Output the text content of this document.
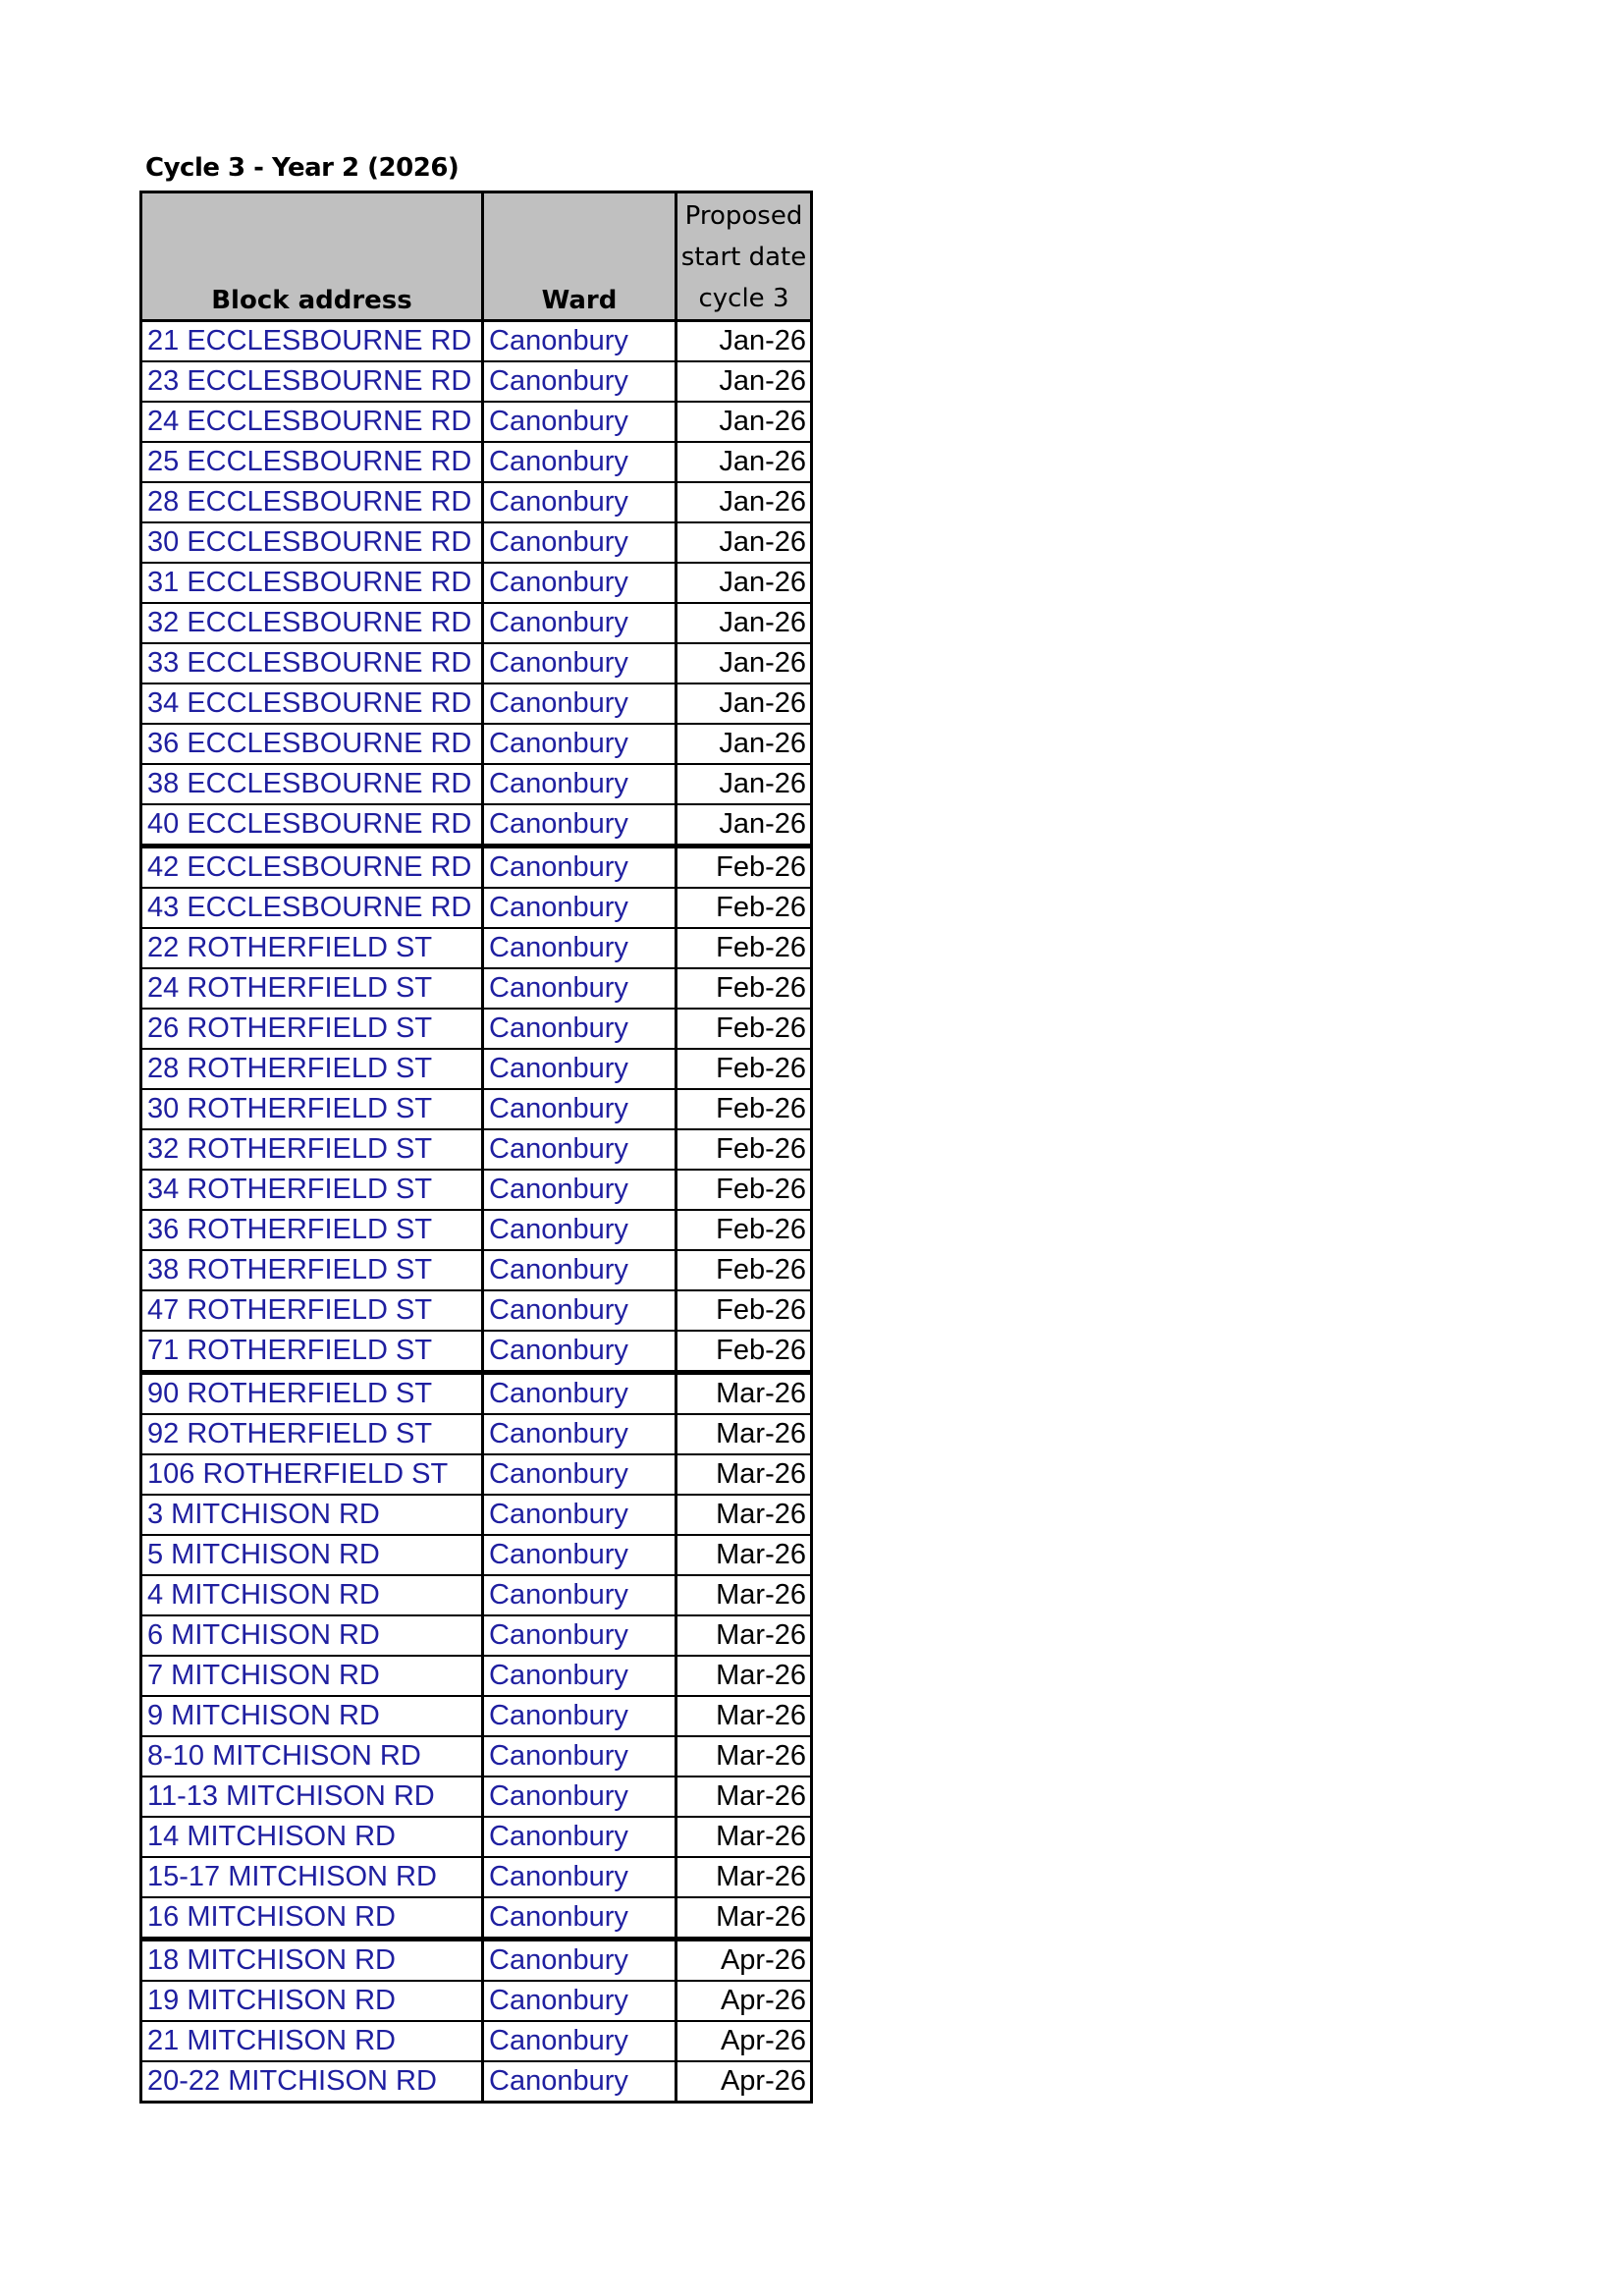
Cycle 3 - Year 2 (2026)
Block address	Ward	Proposed
start date
cycle 3

21 ECCLESBOURNE RD	Canonbury	Jan-26
23 ECCLESBOURNE RD	Canonbury	Jan-26
24 ECCLESBOURNE RD	Canonbury	Jan-26
25 ECCLESBOURNE RD	Canonbury	Jan-26
28 ECCLESBOURNE RD	Canonbury	Jan-26
30 ECCLESBOURNE RD	Canonbury	Jan-26
31 ECCLESBOURNE RD	Canonbury	Jan-26
32 ECCLESBOURNE RD	Canonbury	Jan-26
33 ECCLESBOURNE RD	Canonbury	Jan-26
34 ECCLESBOURNE RD	Canonbury	Jan-26
36 ECCLESBOURNE RD	Canonbury	Jan-26
38 ECCLESBOURNE RD	Canonbury	Jan-26
40 ECCLESBOURNE RD	Canonbury	Jan-26
42 ECCLESBOURNE RD	Canonbury	Feb-26
43 ECCLESBOURNE RD	Canonbury	Feb-26
22 ROTHERFIELD ST	Canonbury	Feb-26
24 ROTHERFIELD ST	Canonbury	Feb-26
26 ROTHERFIELD ST	Canonbury	Feb-26
28 ROTHERFIELD ST	Canonbury	Feb-26
30 ROTHERFIELD ST	Canonbury	Feb-26
32 ROTHERFIELD ST	Canonbury	Feb-26
34 ROTHERFIELD ST	Canonbury	Feb-26
36 ROTHERFIELD ST	Canonbury	Feb-26
38 ROTHERFIELD ST	Canonbury	Feb-26
47 ROTHERFIELD ST	Canonbury	Feb-26
71 ROTHERFIELD ST	Canonbury	Feb-26
90 ROTHERFIELD ST	Canonbury	Mar-26
92 ROTHERFIELD ST	Canonbury	Mar-26
106 ROTHERFIELD ST	Canonbury	Mar-26
3 MITCHISON RD	Canonbury	Mar-26
5 MITCHISON RD	Canonbury	Mar-26
4 MITCHISON RD	Canonbury	Mar-26
6 MITCHISON RD	Canonbury	Mar-26
7 MITCHISON RD	Canonbury	Mar-26
9 MITCHISON RD	Canonbury	Mar-26
8-10 MITCHISON RD	Canonbury	Mar-26
11-13 MITCHISON RD	Canonbury	Mar-26
14 MITCHISON RD	Canonbury	Mar-26
15-17 MITCHISON RD	Canonbury	Mar-26
16 MITCHISON RD	Canonbury	Mar-26
18 MITCHISON RD	Canonbury	Apr-26
19 MITCHISON RD	Canonbury	Apr-26
21 MITCHISON RD	Canonbury	Apr-26
20-22 MITCHISON RD	Canonbury	Apr-26
